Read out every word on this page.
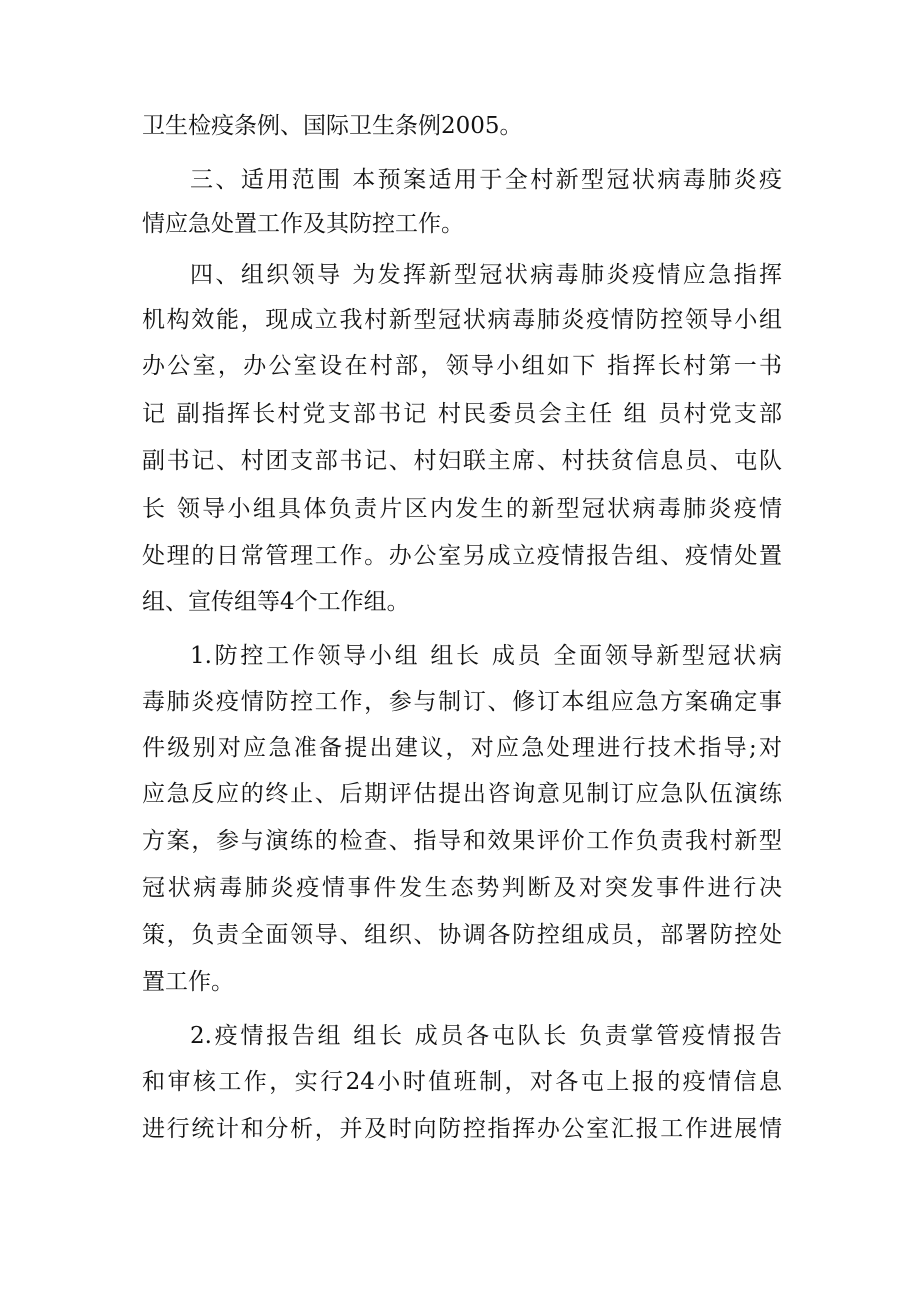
卫生检疫条例、国际卫生条例2005。
三、适用范围 本预案适用于全村新型冠状病毒肺炎疫
情应急处置工作及其防控工作。
四、组织领导 为发挥新型冠状病毒肺炎疫情应急指挥
机构效能，现成立我村新型冠状病毒肺炎疫情防控领导小组
办公室，办公室设在村部，领导小组如下 指挥长村第一书
记 副指挥长村党支部书记 村民委员会主任 组 员村党支部
副书记、村团支部书记、村妇联主席、村扶贫信息员、屯队
长 领导小组具体负责片区内发生的新型冠状病毒肺炎疫情
处理的日常管理工作。办公室另成立疫情报告组、疫情处置
组、宣传组等4个工作组。
1.防控工作领导小组 组长 成员 全面领导新型冠状病
毒肺炎疫情防控工作，参与制订、修订本组应急方案确定事
件级别对应急准备提出建议，对应急处理进行技术指导;对
应急反应的终止、后期评估提出咨询意见制订应急队伍演练
方案，参与演练的检查、指导和效果评价工作负责我村新型
冠状病毒肺炎疫情事件发生态势判断及对突发事件进行决
策，负责全面领导、组织、协调各防控组成员，部署防控处
置工作。
2.疫情报告组 组长 成员各屯队长 负责掌管疫情报告
和审核工作，实行24小时值班制，对各屯上报的疫情信息
进行统计和分析，并及时向防控指挥办公室汇报工作进展情
